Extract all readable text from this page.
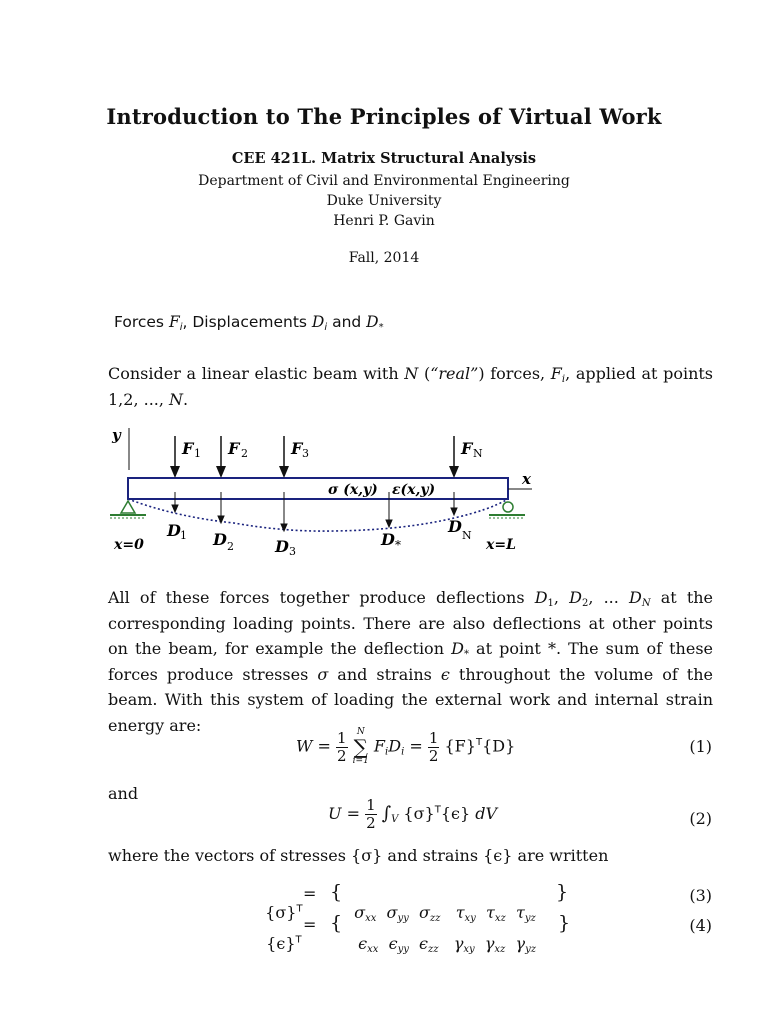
Introduction to The Principles of Virtual Work
CEE 421L. Matrix Structural Analysis
Department of Civil and Environmental Engineering
Duke University
Henri P. Gavin
Fall, 2014
Forces $F_i$, Displacements $D_i$ and $D_*$
Consider a linear elastic beam with N (“real”) forces, $F_i$, applied at points 1,2, ..., N.
y
x
F 1 F 2	F 3	F N
σ (x,y) ε(x,y)
D 1 D 2	D 3
D *
D N
x=0	x=L
All of these forces together produce deflections $D_1$, $D_2$, ... $D_N$ at the corresponding loading points. There are also deflections at other points on the beam, for example the deflection $D_*$ at point *. The sum of these forces produce stresses σ and strains ϵ throughout the volume of the beam. With this system of loading the external work and internal strain energy are:
$W = \frac{1}{2}$
	N
∑
i=1
$F_iD_i = \frac{1}{2} \{F\}^T\{D\}$	(1)
and
$U = \frac{1}{2} \int_V$ $\{\sigma\}^T\{\epsilon\}$ dV	(2)
where the vectors of stresses {σ} and strains {ϵ} are written

$\{\sigma\}^T$

= {

$\sigma_{xx}$ $\sigma_{yy}$ $\sigma_{zz}$ $\tau_{xy}$ $\tau_{xz}$ $\tau_{yz}$

}	(3)

$\{\epsilon\}^T$

= {

$\epsilon_{xx}$ $\epsilon_{yy}$ $\epsilon_{zz}$ $\gamma_{xy}$ $\gamma_{xz}$ $\gamma_{yz}$

}	(4)
